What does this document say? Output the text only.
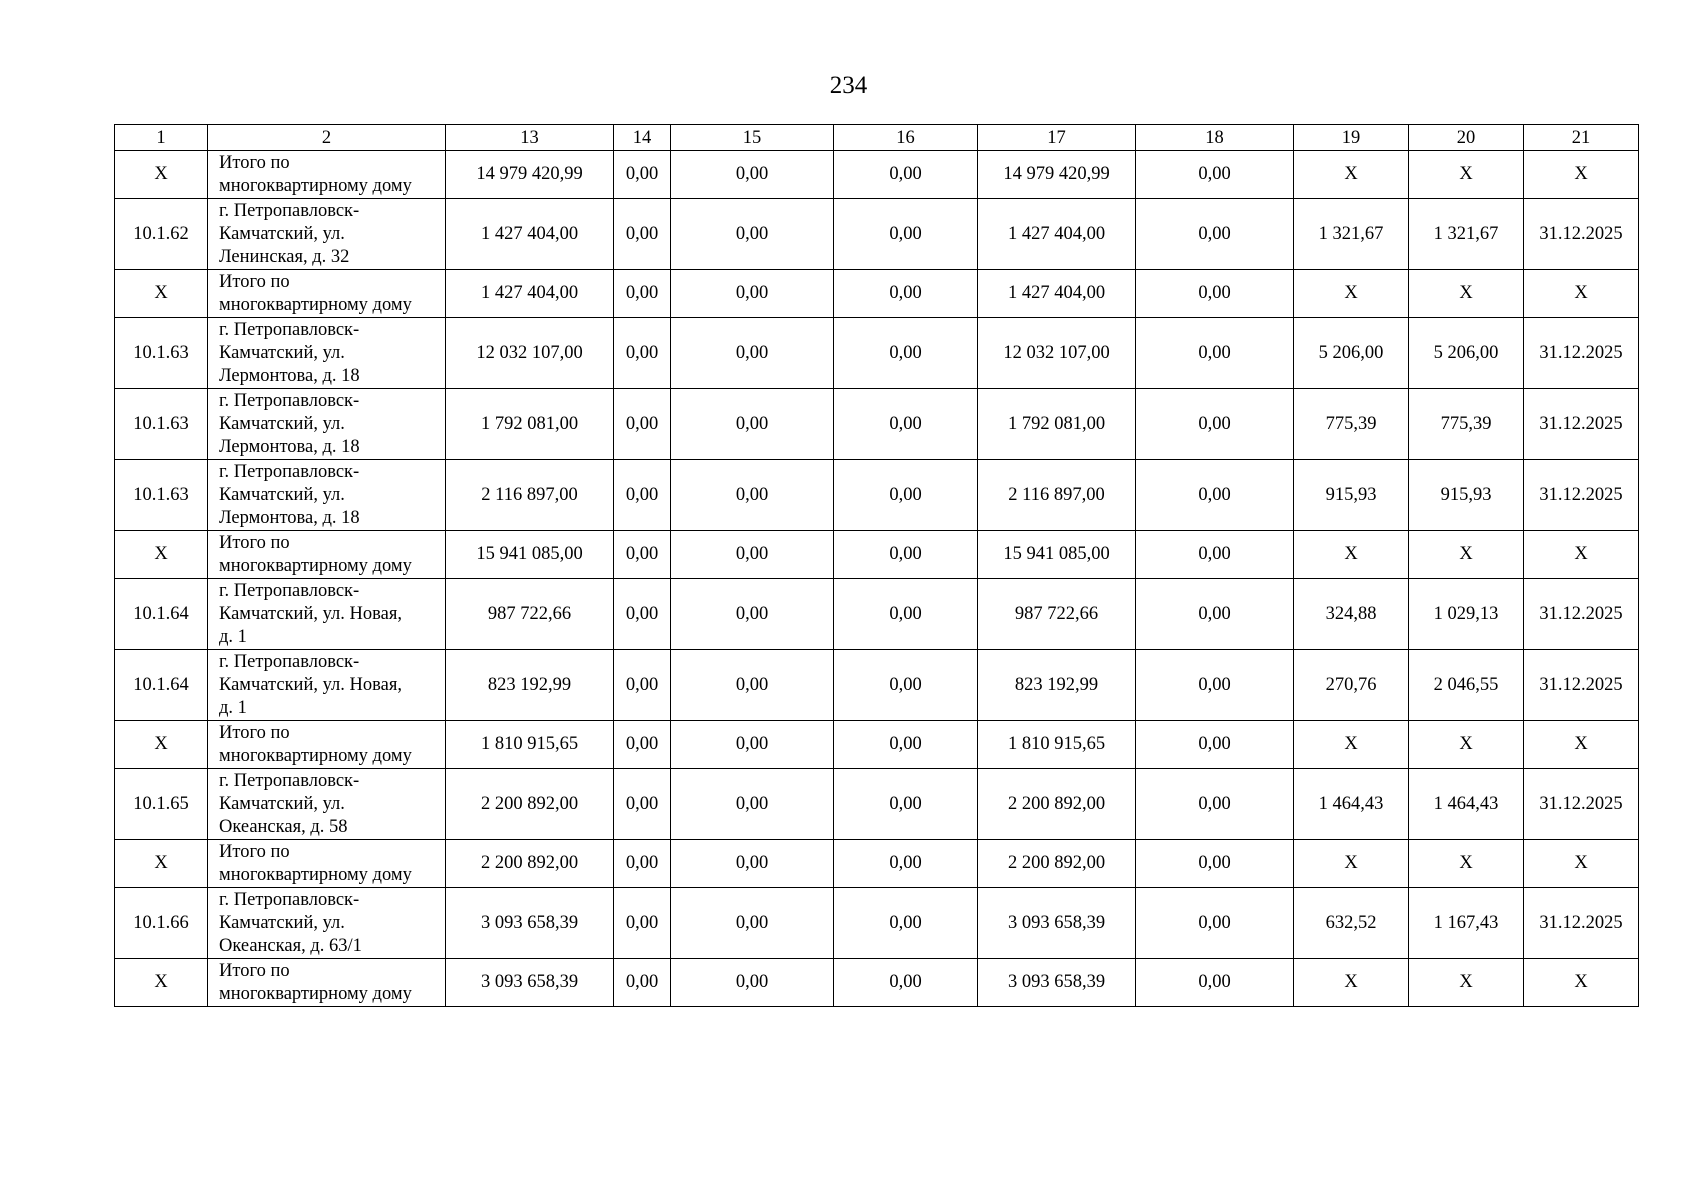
234
1	2	13	14	15	16	17	18	19	20	21
X	Итого по
многоквартирному дому	14 979 420,99	0,00	0,00	0,00	14 979 420,99	0,00	X	X	X
10.1.62	г. Петропавловск-
Камчатский, ул.
Ленинская, д. 32	1 427 404,00	0,00	0,00	0,00	1 427 404,00	0,00	1 321,67	1 321,67	31.12.2025
X	Итого по
многоквартирному дому	1 427 404,00	0,00	0,00	0,00	1 427 404,00	0,00	X	X	X
10.1.63	г. Петропавловск-
Камчатский, ул.
Лермонтова, д. 18	12 032 107,00	0,00	0,00	0,00	12 032 107,00	0,00	5 206,00	5 206,00	31.12.2025
10.1.63	г. Петропавловск-
Камчатский, ул.
Лермонтова, д. 18	1 792 081,00	0,00	0,00	0,00	1 792 081,00	0,00	775,39	775,39	31.12.2025
10.1.63	г. Петропавловск-
Камчатский, ул.
Лермонтова, д. 18	2 116 897,00	0,00	0,00	0,00	2 116 897,00	0,00	915,93	915,93	31.12.2025
X	Итого по
многоквартирному дому	15 941 085,00	0,00	0,00	0,00	15 941 085,00	0,00	X	X	X
10.1.64	г. Петропавловск-
Камчатский, ул. Новая,
д. 1	987 722,66	0,00	0,00	0,00	987 722,66	0,00	324,88	1 029,13	31.12.2025
10.1.64	г. Петропавловск-
Камчатский, ул. Новая,
д. 1	823 192,99	0,00	0,00	0,00	823 192,99	0,00	270,76	2 046,55	31.12.2025
X	Итого по
многоквартирному дому	1 810 915,65	0,00	0,00	0,00	1 810 915,65	0,00	X	X	X
10.1.65	г. Петропавловск-
Камчатский, ул.
Океанская, д. 58	2 200 892,00	0,00	0,00	0,00	2 200 892,00	0,00	1 464,43	1 464,43	31.12.2025
X	Итого по
многоквартирному дому	2 200 892,00	0,00	0,00	0,00	2 200 892,00	0,00	X	X	X
10.1.66	г. Петропавловск-
Камчатский, ул.
Океанская, д. 63/1	3 093 658,39	0,00	0,00	0,00	3 093 658,39	0,00	632,52	1 167,43	31.12.2025
X	Итого по
многоквартирному дому	3 093 658,39	0,00	0,00	0,00	3 093 658,39	0,00	X	X	X
